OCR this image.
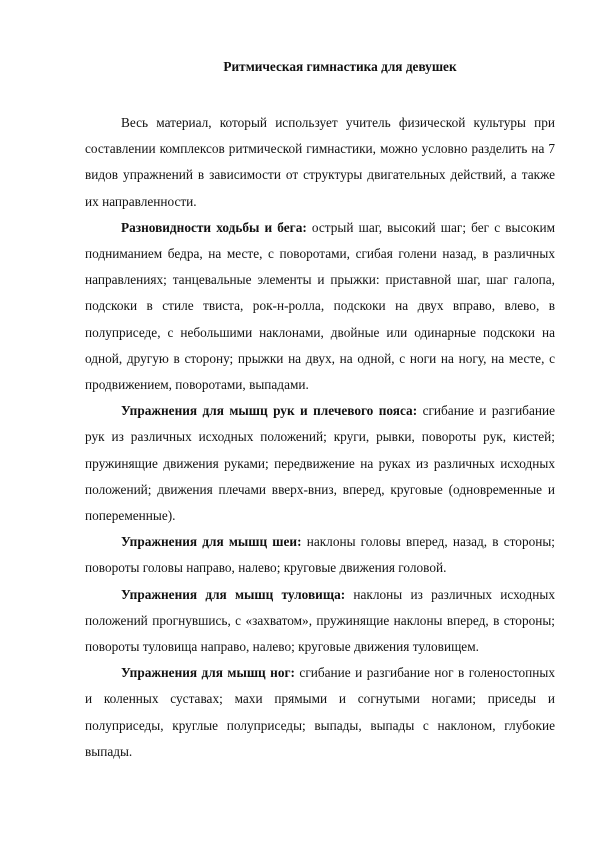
Ритмическая гимнастика для девушек

Весь материал, который использует учитель физической культуры при составлении комплексов ритмической гимнастики, можно условно разделить на 7 видов упражнений в зависимости от структуры двигательных действий, а также их направленности.

Разновидности ходьбы и бега: острый шаг, высокий шаг; бег с высоким подниманием бедра, на месте, с поворотами, сгибая голени назад, в различных направлениях; танцевальные элементы и прыжки: приставной шаг, шаг галопа, подскоки в стиле твиста, рок-н-ролла, подскоки на двух вправо, влево, в полуприседе, с небольшими наклонами, двойные или одинарные подскоки на одной, другую в сторону; прыжки на двух, на одной, с ноги на ногу, на месте, с продвижением, поворотами, выпадами.

Упражнения для мышц рук и плечевого пояса: сгибание и разгибание рук из различных исходных положений; круги, рывки, повороты рук, кистей; пружинящие движения руками; передвижение на руках из различных исходных положений; движения плечами вверх-вниз, вперед, круговые (одновременные и попеременные).

Упражнения для мышц шеи: наклоны головы вперед, назад, в стороны; повороты головы направо, налево; круговые движения головой.

Упражнения для мышц туловища: наклоны из различных исходных положений прогнувшись, с «захватом», пружинящие наклоны вперед, в стороны; повороты туловища направо, налево; круговые движения туловищем.

Упражнения для мышц ног: сгибание и разгибание ног в голеностопных и коленных суставах; махи прямыми и согнутыми ногами; приседы и полуприседы, круглые полуприседы; выпады, выпады с наклоном, глубокие выпады.
